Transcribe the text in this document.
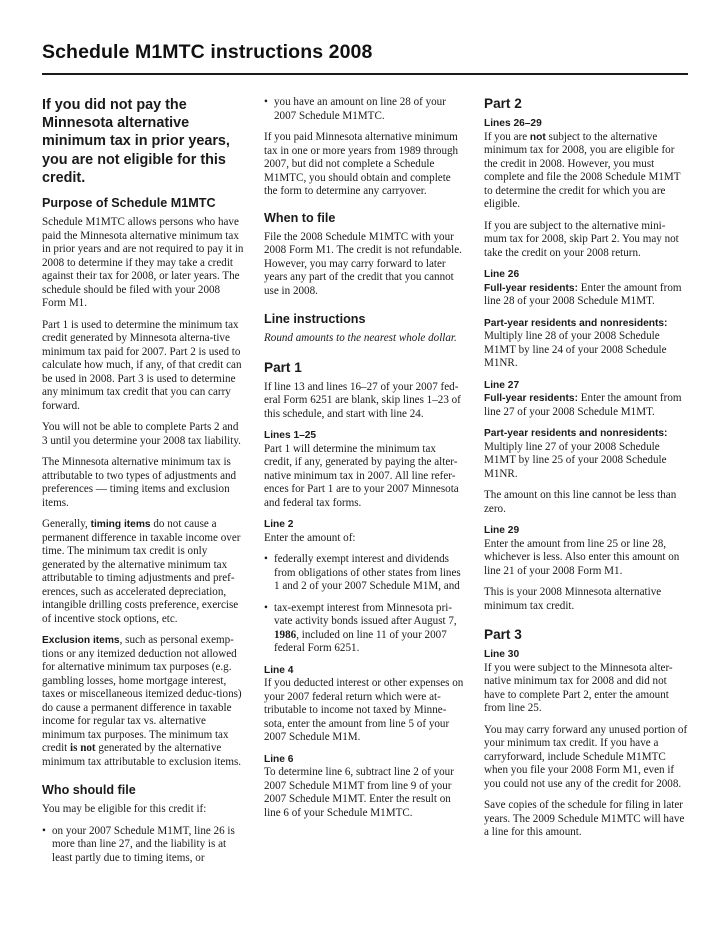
Schedule M1MTC instructions 2008
If you did not pay the Minnesota alternative minimum tax in prior years, you are not eligible for this credit.
Purpose of Schedule M1MTC

Schedule M1MTC allows persons who have paid the Minnesota alternative minimum tax in prior years and are not required to pay it in 2008 to determine if they may take a credit against their tax for 2008, or later years. The schedule should be filed with your 2008 Form M1.

Part 1 is used to determine the minimum tax credit generated by Minnesota alterna-tive minimum tax paid for 2007. Part 2 is used to calculate how much, if any, of that credit can be used in 2008. Part 3 is used to determine any minimum tax credit that you can carry forward.

You will not be able to complete Parts 2 and 3 until you determine your 2008 tax liability.

The Minnesota alternative minimum tax is attributable to two types of adjustments and preferences — timing items and exclusion items.

Generally, timing items do not cause a permanent difference in taxable income over time. The minimum tax credit is only generated by the alternative minimum tax attributable to timing adjustments and pref-erences, such as accelerated depreciation, intangible drilling costs preference, exercise of incentive stock options, etc.

Exclusion items, such as personal exemp-tions or any itemized deduction not allowed for alternative minimum tax purposes (e.g. gambling losses, home mortgage interest, taxes or miscellaneous itemized deduc-tions) do cause a permanent difference in taxable income for regular tax vs. alternative minimum tax purposes. The minimum tax credit is not generated by the alternative minimum tax attributable to exclusion items.

Who should file

You may be eligible for this credit if:

• on your 2007 Schedule M1MT, line 26 is more than line 27, and the liability is at least partly due to timing items, or

• you have an amount on line 28 of your 2007 Schedule M1MTC.

If you paid Minnesota alternative minimum tax in one or more years from 1989 through 2007, but did not complete a Schedule M1MTC, you should obtain and complete the form to determine any carryover.

When to file

File the 2008 Schedule M1MTC with your 2008 Form M1. The credit is not refundable. However, you may carry forward to later years any part of the credit that you cannot use in 2008.

Line instructions

Round amounts to the nearest whole dollar.

Part 1

If line 13 and lines 16–27 of your 2007 fed-eral Form 6251 are blank, skip lines 1–23 of this schedule, and start with line 24.

Lines 1–25
Part 1 will determine the minimum tax credit, if any, generated by paying the alter-native minimum tax in 2007. All line refer-ences for Part 1 are to your 2007 Minnesota and federal tax forms.

Line 2
Enter the amount of:

• federally exempt interest and dividends from obligations of other states from lines 1 and 2 of your 2007 Schedule M1M, and

• tax-exempt interest from Minnesota pri-vate activity bonds issued after August 7, 1986, included on line 11 of your 2007 federal Form 6251.

Line 4
If you deducted interest or other expenses on your 2007 federal return which were at-tributable to income not taxed by Minne-sota, enter the amount from line 5 of your 2007 Schedule M1M.

Line 6
To determine line 6, subtract line 2 of your 2007 Schedule M1MT from line 9 of your 2007 Schedule M1MT. Enter the result on line 6 of your Schedule M1MTC.

Part 2

Lines 26–29
If you are not subject to the alternative minimum tax for 2008, you are eligible for the credit in 2008. However, you must complete and file the 2008 Schedule M1MT to determine the credit for which you are eligible.

If you are subject to the alternative mini-mum tax for 2008, skip Part 2. You may not take the credit on your 2008 return.

Line 26
Full-year residents: Enter the amount from line 28 of your 2008 Schedule M1MT.

Part-year residents and nonresidents:
Multiply line 28 of your 2008 Schedule M1MT by line 24 of your 2008 Schedule M1NR.

Line 27
Full-year residents: Enter the amount from line 27 of your 2008 Schedule M1MT.

Part-year residents and nonresidents:
Multiply line 27 of your 2008 Schedule M1MT by line 25 of your 2008 Schedule M1NR.

The amount on this line cannot be less than zero.

Line 29
Enter the amount from line 25 or line 28, whichever is less. Also enter this amount on line 21 of your 2008 Form M1.

This is your 2008 Minnesota alternative minimum tax credit.

Part 3

Line 30
If you were subject to the Minnesota alter-native minimum tax for 2008 and did not have to complete Part 2, enter the amount from line 25.

You may carry forward any unused portion of your minimum tax credit. If you have a carryforward, include Schedule M1MTC when you file your 2008 Form M1, even if you could not use any of the credit for 2008.

Save copies of the schedule for filing in later years. The 2009 Schedule M1MTC will have a line for this amount.
